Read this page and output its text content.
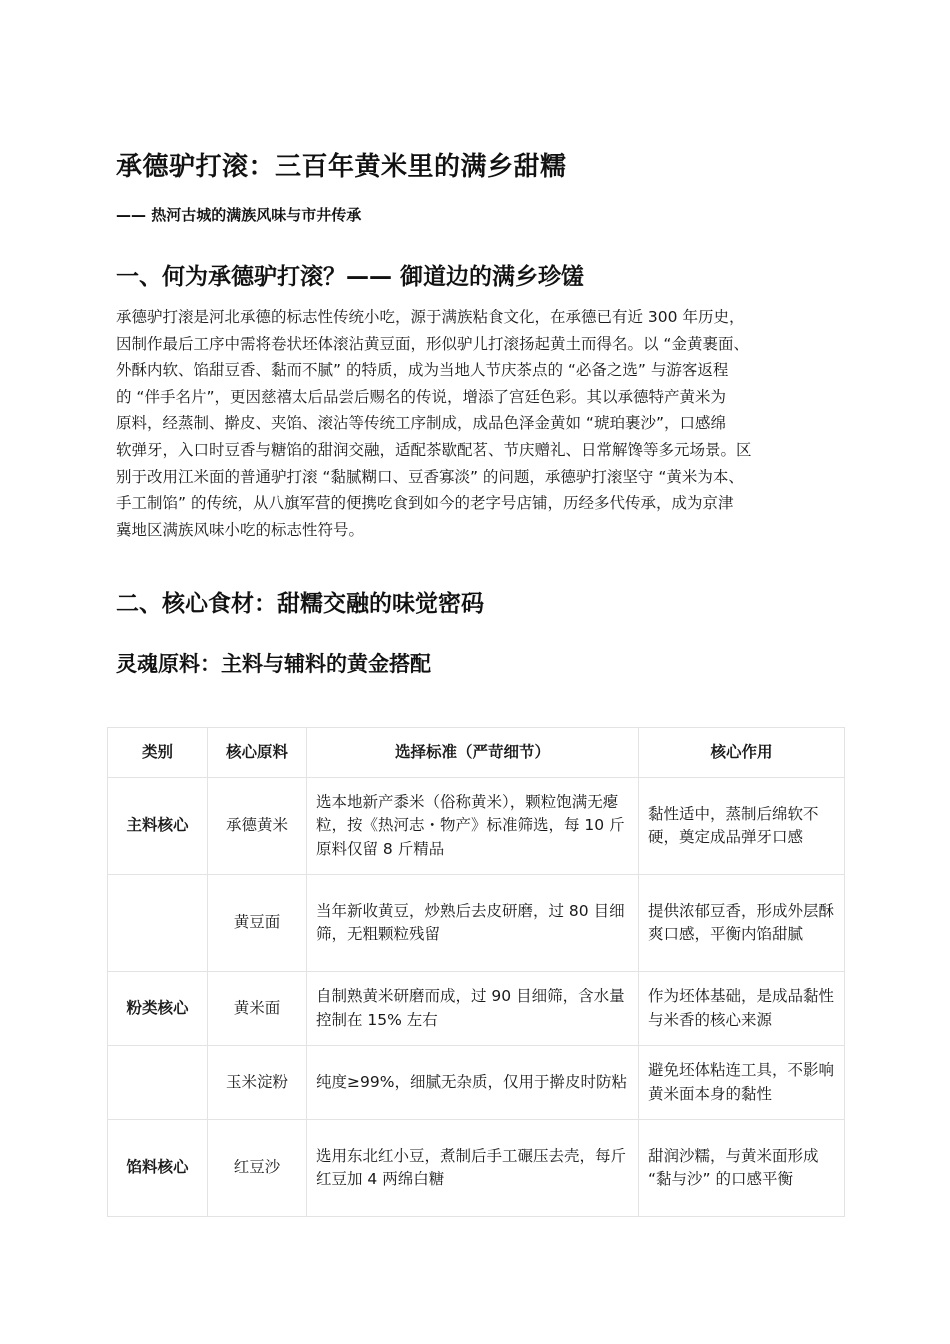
承德驴打滚：三百年黄米里的满乡甜糯

—— 热河古城的满族风味与市井传承

一、何为承德驴打滚？—— 御道边的满乡珍馐
承德驴打滚是河北承德的标志性传统小吃，源于满族粘食文化，在承德已有近 300 年历史，
因制作最后工序中需将卷状坯体滚沾黄豆面，形似驴儿打滚扬起黄土而得名。以 “金黄裹面、
外酥内软、馅甜豆香、黏而不腻” 的特质，成为当地人节庆茶点的 “必备之选” 与游客返程
的 “伴手名片”，更因慈禧太后品尝后赐名的传说，增添了宫廷色彩。其以承德特产黄米为
原料，经蒸制、擀皮、夹馅、滚沾等传统工序制成，成品色泽金黄如 “琥珀裹沙”，口感绵
软弹牙，入口时豆香与糖馅的甜润交融，适配茶歇配茗、节庆赠礼、日常解馋等多元场景。区
别于改用江米面的普通驴打滚 “黏腻糊口、豆香寡淡” 的问题，承德驴打滚坚守 “黄米为本、
手工制馅” 的传统，从八旗军营的便携吃食到如今的老字号店铺，历经多代传承，成为京津
冀地区满族风味小吃的标志性符号。
二、核心食材：甜糯交融的味觉密码
灵魂原料：主料与辅料的黄金搭配
类别	核心原料	选择标准（严苛细节）	核心作用
主料核心	承德黄米	选本地新产黍米（俗称黄米），颗粒饱满无瘪粒，按《热河志・物产》标准筛选，每 10 斤原料仅留 8 斤精品	黏性适中，蒸制后绵软不硬，奠定成品弹牙口感
	黄豆面	当年新收黄豆，炒熟后去皮研磨，过 80 目细筛，无粗颗粒残留	提供浓郁豆香，形成外层酥爽口感，平衡内馅甜腻
粉类核心	黄米面	自制熟黄米研磨而成，过 90 目细筛，含水量控制在 15% 左右	作为坯体基础，是成品黏性与米香的核心来源
	玉米淀粉	纯度≥99%，细腻无杂质，仅用于擀皮时防粘	避免坯体粘连工具，不影响黄米面本身的黏性
馅料核心	红豆沙	选用东北红小豆，煮制后手工碾压去壳，每斤红豆加 4 两绵白糖	甜润沙糯，与黄米面形成 “黏与沙” 的口感平衡
